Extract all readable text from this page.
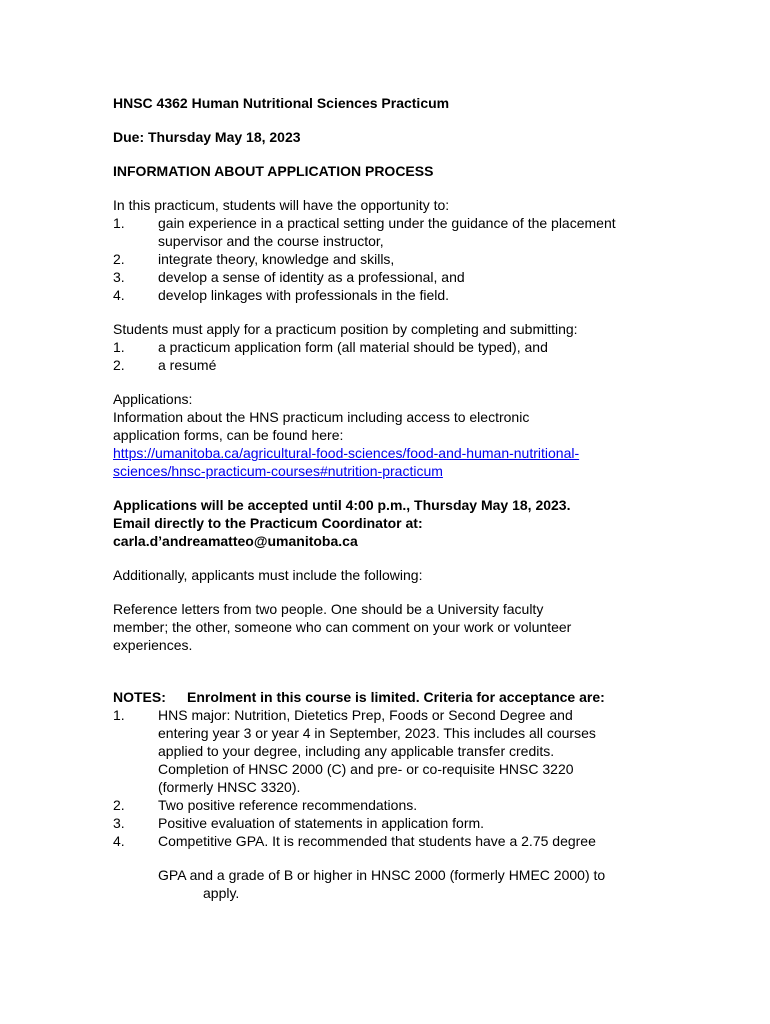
HNSC 4362 Human Nutritional Sciences Practicum
Due: Thursday May 18, 2023
INFORMATION ABOUT APPLICATION PROCESS
In this practicum, students will have the opportunity to:
1.	gain experience in a practical setting under the guidance of the placement
supervisor and the course instructor,
2.	integrate theory, knowledge and skills,
3.	develop a sense of identity as a professional, and
4.	develop linkages with professionals in the field.
Students must apply for a practicum position by completing and submitting:
1.	a practicum application form (all material should be typed), and
2.	a resumé
Applications:
Information about the HNS practicum including access to electronic
application forms, can be found here:
https://umanitoba.ca/agricultural-food-sciences/food-and-human-nutritional-
sciences/hnsc-practicum-courses#nutrition-practicum
Applications will be accepted until 4:00 p.m., Thursday May 18, 2023.
Email directly to the Practicum Coordinator at:
carla.d’andreamatteo@umanitoba.ca
Additionally, applicants must include the following:
Reference letters from two people. One should be a University faculty
member; the other, someone who can comment on your work or volunteer
experiences.
NOTES: Enrolment in this course is limited. Criteria for acceptance are:
1.	HNS major: Nutrition, Dietetics Prep, Foods or Second Degree and
entering year 3 or year 4 in September, 2023. This includes all courses
applied to your degree, including any applicable transfer credits.
Completion of HNSC 2000 (C) and pre- or co-requisite HNSC 3220
(formerly HNSC 3320).
2.	Two positive reference recommendations.
3.	Positive evaluation of statements in application form.
4.	Competitive GPA. It is recommended that students have a 2.75 degree
GPA and a grade of B or higher in HNSC 2000 (formerly HMEC 2000) to
apply.
